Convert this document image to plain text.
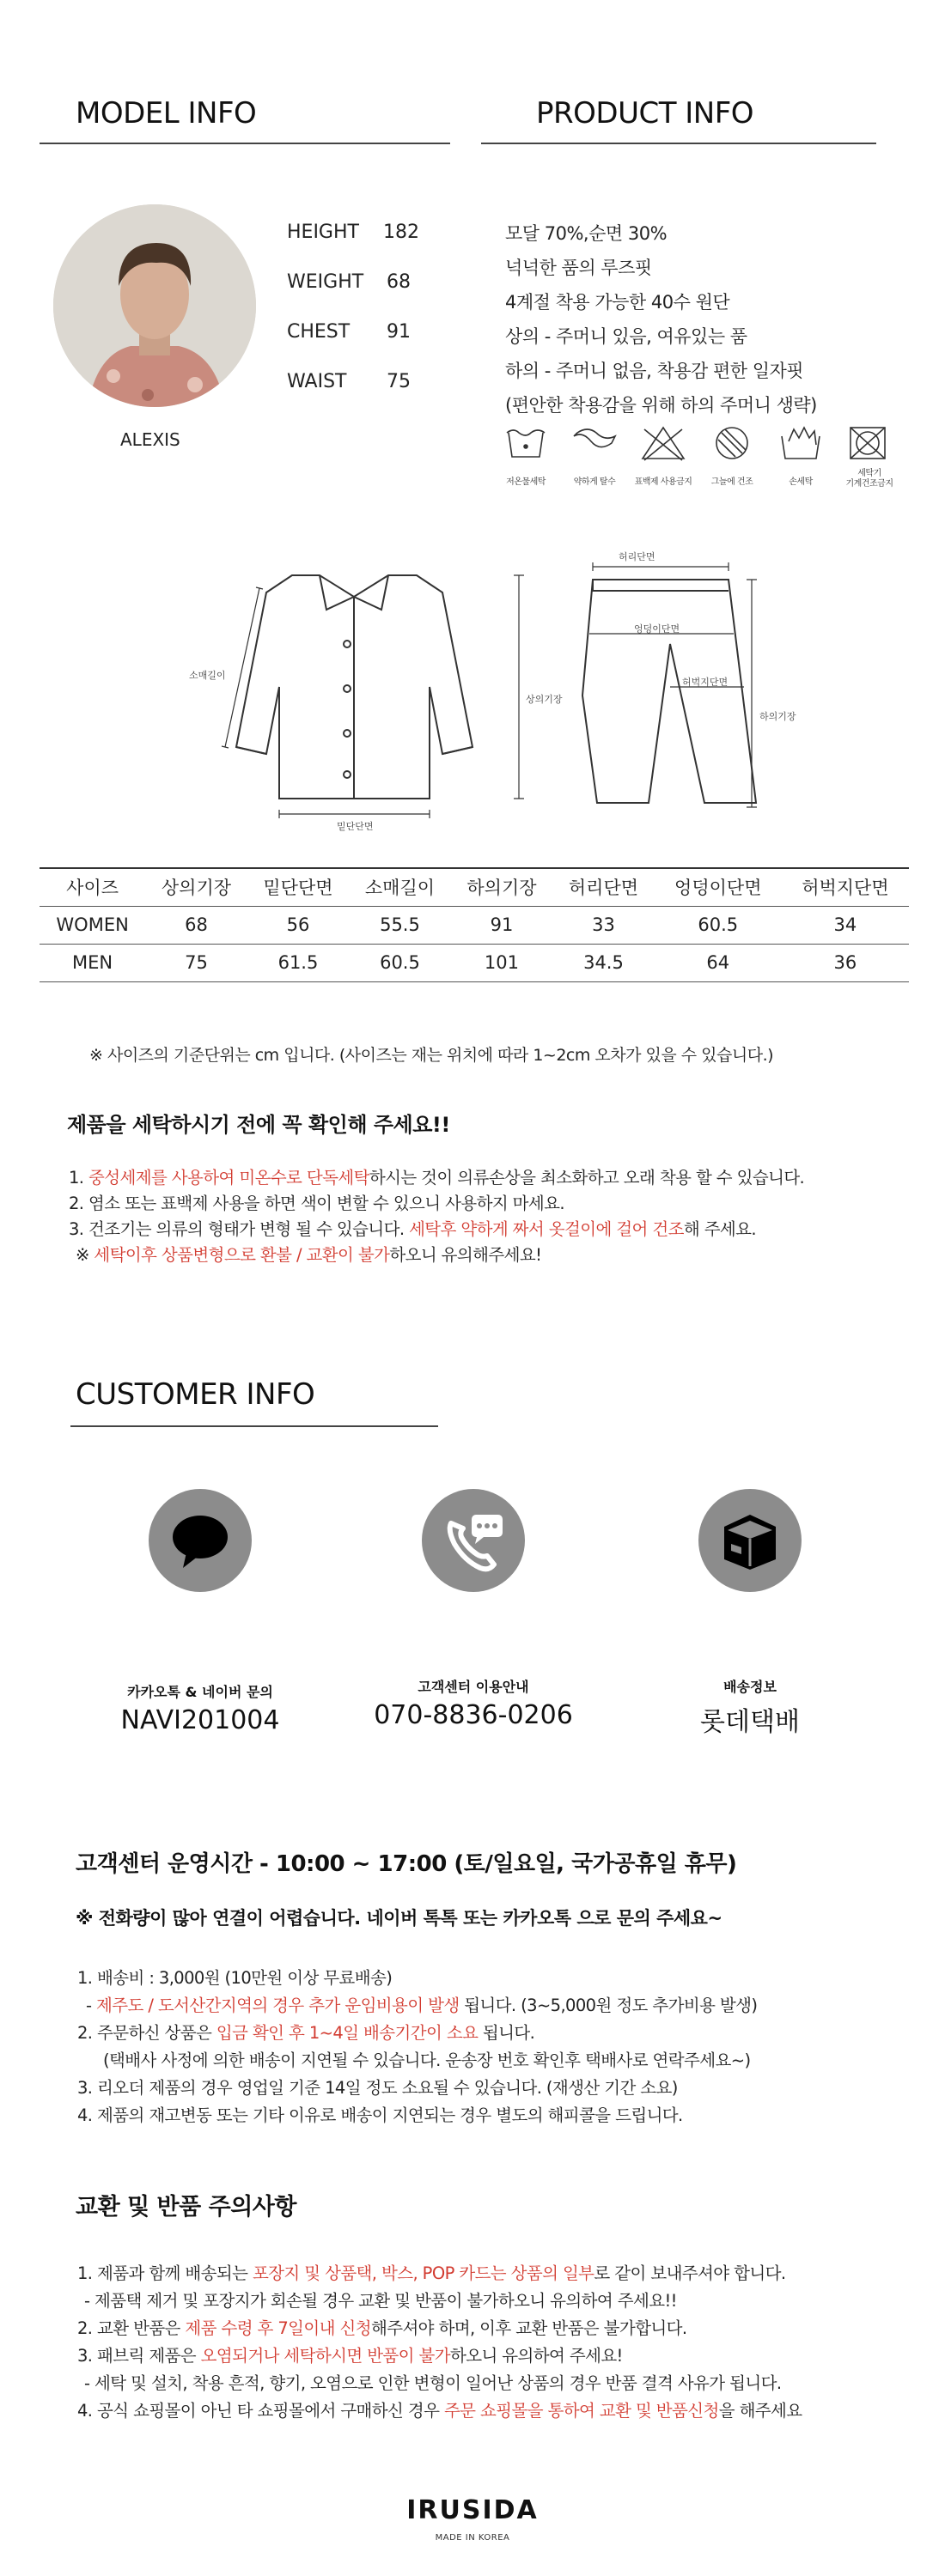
MODEL INFO
ALEXIS
HEIGHT 182
WEIGHT 68
CHEST 91
WAIST 75
PRODUCT INFO
모달 70%,순면 30%
넉넉한 품의 루즈핏
4계절 착용 가능한 40수 원단
상의 - 주머니 있음, 여유있는 품
하의 - 주머니 없음, 착용감 편한 일자핏
(편안한 착용감을 위해 하의 주머니 생략)
저온물세탁	약하게 탈수	표백제 사용금지	그늘에 건조	손세탁
세탁기
기계건조금지
소매길이
밑단단면
상의기장
허리단면
엉덩이단면
허벅지단면
하의기장
사이즈	상의기장	밑단단면	소매길이	하의기장	허리단면	엉덩이단면	허벅지단면
WOMEN	68	56	55.5	91	33	60.5	34
MEN	75	61.5	60.5	101	34.5	64	36
※ 사이즈의 기준단위는 cm 입니다. (사이즈는 재는 위치에 따라 1~2cm 오차가 있을 수 있습니다.)
제품을 세탁하시기 전에 꼭 확인해 주세요!!
1. 중성세제를 사용하여 미온수로 단독세탁하시는 것이 의류손상을 최소화하고 오래 착용 할 수 있습니다.
2. 염소 또는 표백제 사용을 하면 색이 변할 수 있으니 사용하지 마세요.
3. 건조기는 의류의 형태가 변형 될 수 있습니다. 세탁후 약하게 짜서 옷걸이에 걸어 건조해 주세요.
※ 세탁이후 상품변형으로 환불 / 교환이 불가하오니 유의해주세요!
CUSTOMER INFO
카카오톡 & 네이버 문의
NAVI201004
고객센터 이용안내
070-8836-0206
배송정보
롯데택배
고객센터 운영시간 - 10:00 ~ 17:00 (토/일요일, 국가공휴일 휴무)
※ 전화량이 많아 연결이 어렵습니다. 네이버 톡톡 또는 카카오톡 으로 문의 주세요~
1. 배송비 : 3,000원 (10만원 이상 무료배송)
- 제주도 / 도서산간지역의 경우 추가 운임비용이 발생 됩니다. (3~5,000원 정도 추가비용 발생)
2. 주문하신 상품은 입금 확인 후 1~4일 배송기간이 소요 됩니다.
(택배사 사정에 의한 배송이 지연될 수 있습니다. 운송장 번호 확인후 택배사로 연락주세요~)
3. 리오더 제품의 경우 영업일 기준 14일 정도 소요될 수 있습니다. (재생산 기간 소요)
4. 제품의 재고변동 또는 기타 이유로 배송이 지연되는 경우 별도의 해피콜을 드립니다.
교환 및 반품 주의사항
1. 제품과 함께 배송되는 포장지 및 상품택, 박스, POP 카드는 상품의 일부로 같이 보내주셔야 합니다.
- 제품택 제거 및 포장지가 회손될 경우 교환 및 반품이 불가하오니 유의하여 주세요!!
2. 교환 반품은 제품 수령 후 7일이내 신청해주셔야 하며, 이후 교환 반품은 불가합니다.
3. 패브릭 제품은 오염되거나 세탁하시면 반품이 불가하오니 유의하여 주세요!
- 세탁 및 설치, 착용 흔적, 향기, 오염으로 인한 변형이 일어난 상품의 경우 반품 결격 사유가 됩니다.
4. 공식 쇼핑몰이 아닌 타 쇼핑몰에서 구매하신 경우 주문 쇼핑몰을 통하여 교환 및 반품신청을 해주세요
IRUSIDA
MADE IN KOREA
